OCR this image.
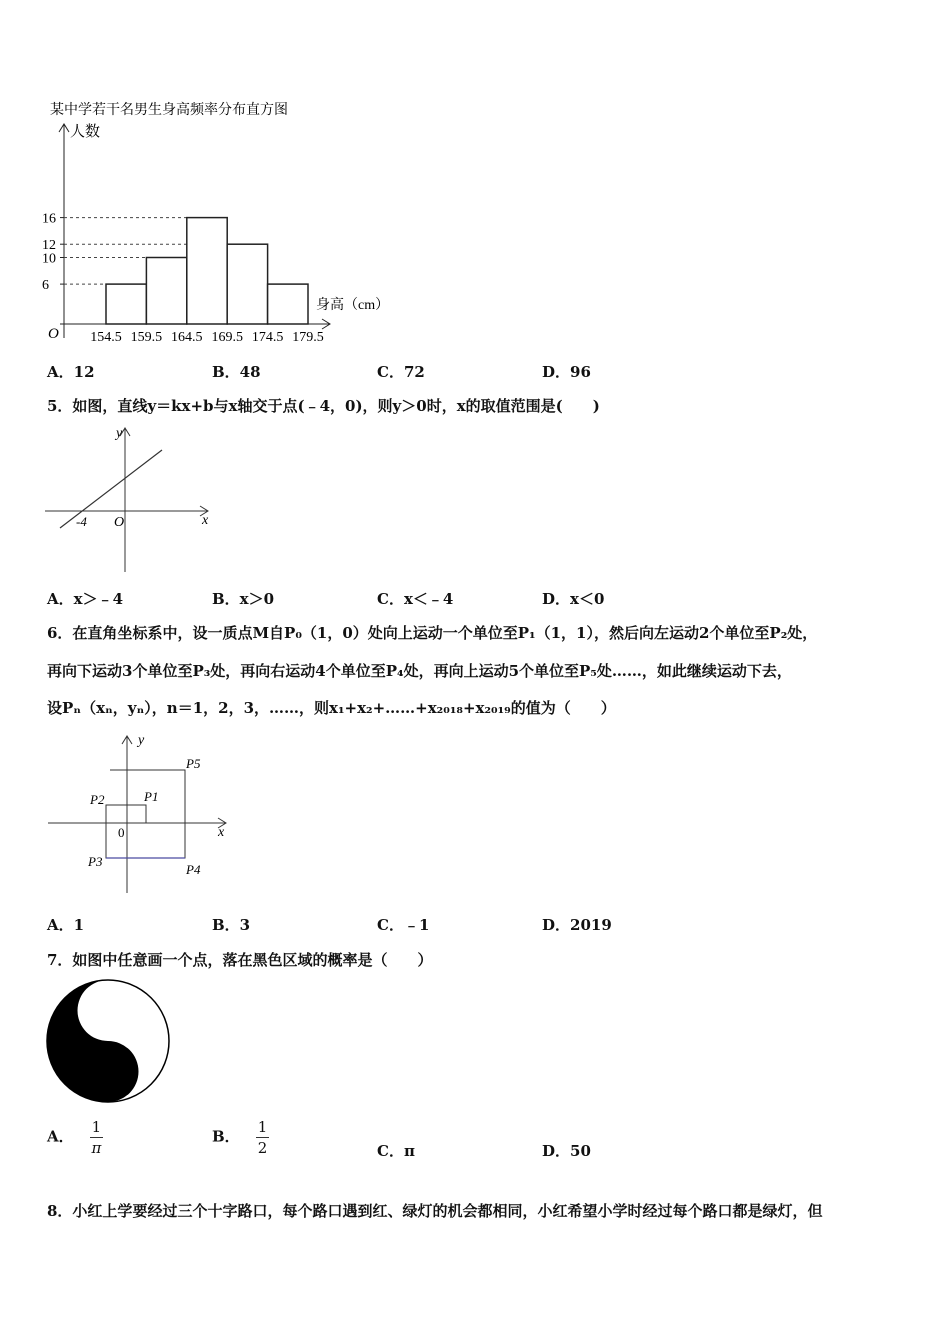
某中学若干名男生身高频率分布直方图
人数
身高（cm）
O
6
10
12
16
154.5 159.5 164.5 169.5 174.5 179.5
A．12	B．48	C．72	D．96
5．如图，直线y＝kx+b与x轴交于点(﹣4，0)，则y＞0时，x的取值范围是(　　)
y
x
O
-4
A．x＞﹣4	B．x＞0	C．x＜﹣4	D．x＜0
6．在直角坐标系中，设一质点M自P₀（1，0）处向上运动一个单位至P₁（1，1），然后向左运动2个单位至P₂处，
再向下运动3个单位至P₃处，再向右运动4个单位至P₄处，再向上运动5个单位至P₅处……，如此继续运动下去，
设Pₙ（xₙ，yₙ），n＝1，2，3，……，则x₁+x₂+……+x₂₀₁₈+x₂₀₁₉的值为（　　）
y
x
0
P1
P2
P3
P4
P5
A．1	B．3	C．﹣1	D．2019
7．如图中任意画一个点，落在黑色区域的概率是（　　）
A． $\frac{1}{\pi}$	B． $\frac{1}{2}$	C．π	D．50
8．小红上学要经过三个十字路口，每个路口遇到红、绿灯的机会都相同，小红希望小学时经过每个路口都是绿灯，但
